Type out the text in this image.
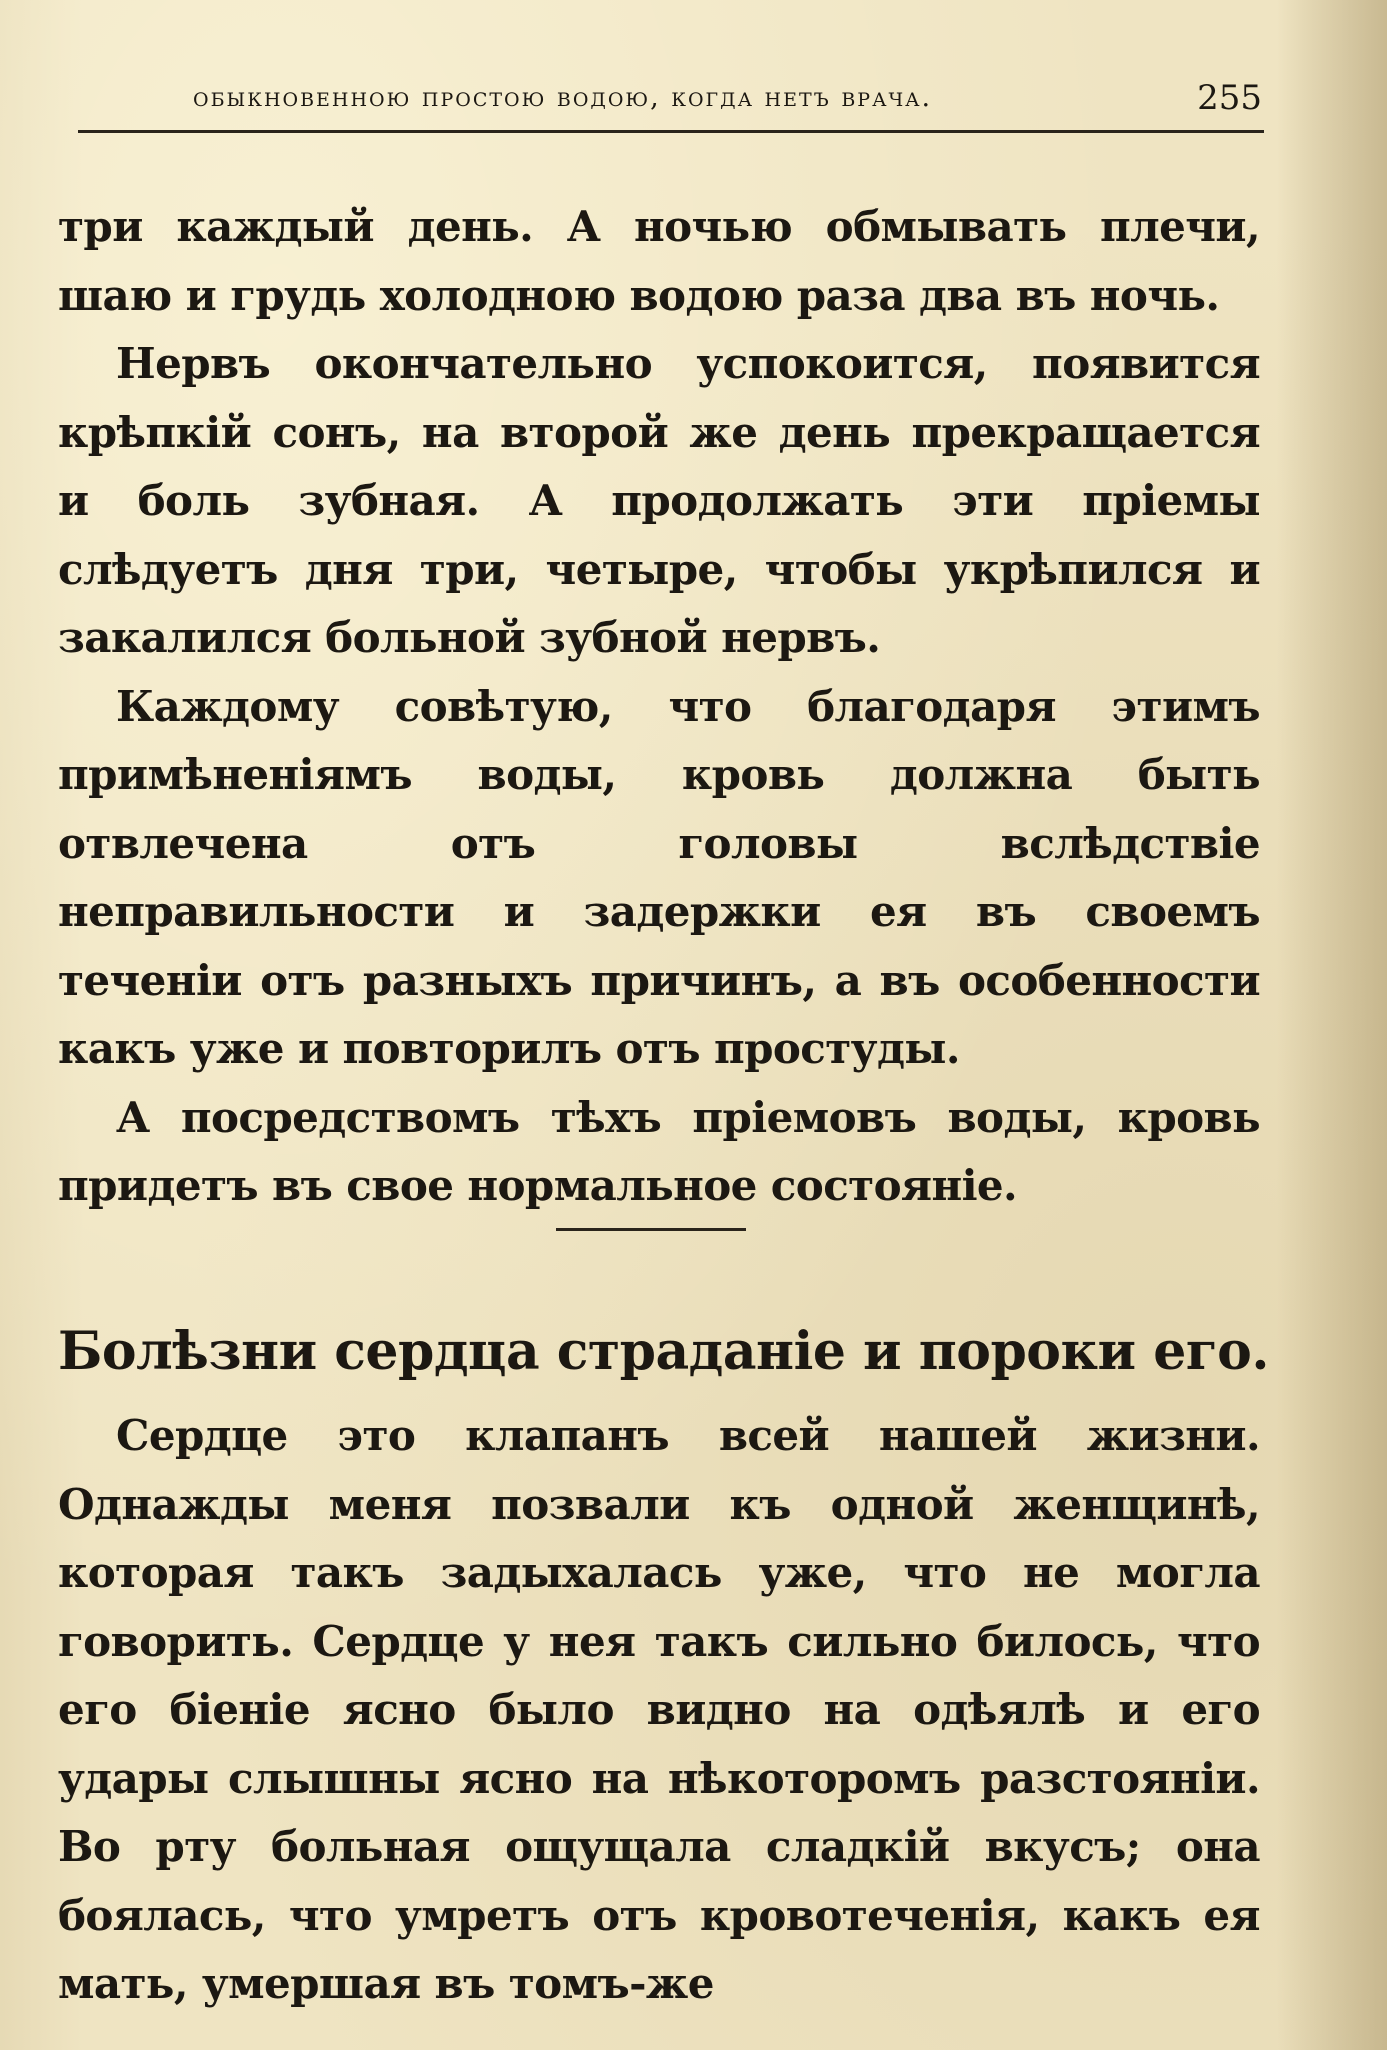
обыкновенною простою водою, когда нетъ врача.	255

три каждый день. А ночью обмывать плечи, шаю и грудь холодною водою раза два въ ночь.

Нервъ окончательно успокоится, появится крѣпкій сонъ, на второй же день прекращается и боль зубная. А продолжать эти пріемы слѣдуетъ дня три, четыре, чтобы укрѣпился и закалился больной зубной нервъ.

Каждому совѣтую, что благодаря этимъ примѣненіямъ воды, кровь должна быть отвлечена отъ головы вслѣдствіе неправильности и задержки ея въ своемъ теченіи отъ разныхъ причинъ, а въ особенности какъ уже и повторилъ отъ простуды.

А посредствомъ тѣхъ пріемовъ воды, кровь придетъ въ свое нормальное состояніе.

Болѣзни сердца страданіе и пороки его.

Сердце это клапанъ всей нашей жизни. Однажды меня позвали къ одной женщинѣ, которая такъ задыхалась уже, что не могла говорить. Сердце у нея такъ сильно билось, что его біеніе ясно было видно на одѣялѣ и его удары слышны ясно на нѣкоторомъ разстояніи. Во рту больная ощущала сладкій вкусъ; она боялась, что умретъ отъ кровотеченія, какъ ея мать, умершая въ томъ-же
